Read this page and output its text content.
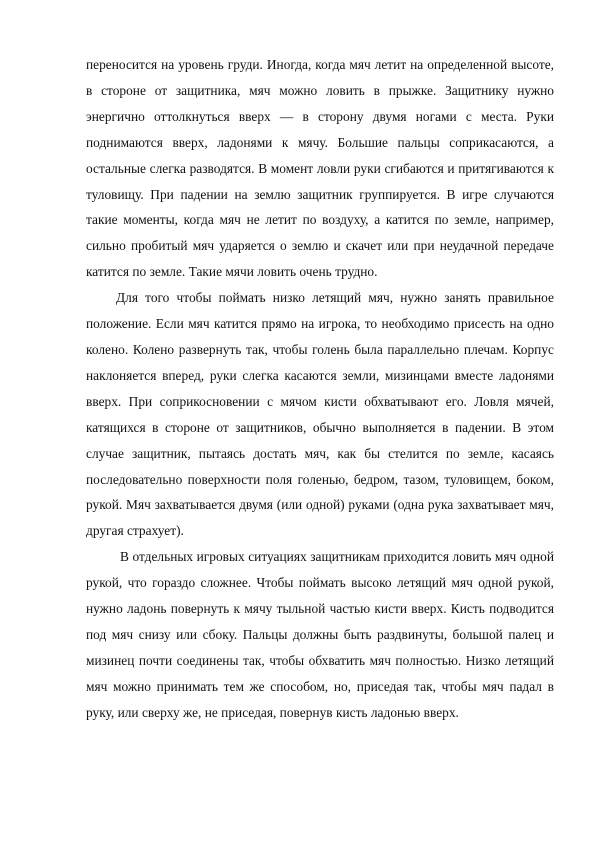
переносится на уровень груди. Иногда, когда мяч летит на определенной высоте, в стороне от защитника, мяч можно ловить в прыжке. Защитнику нужно энергично оттолкнуться вверх — в сторону двумя ногами с места. Руки поднимаются вверх, ладонями к мячу. Большие пальцы соприкасаются, а остальные слегка разводятся. В момент ловли руки сгибаются и притягиваются к туловищу. При падении на землю защитник группируется. В игре случаются такие моменты, когда мяч не летит по воздуху, а катится по земле, например, сильно пробитый мяч ударяется о землю и скачет или при неудачной передаче катится по земле. Такие мячи ловить очень трудно.

Для того чтобы поймать низко летящий мяч, нужно занять правильное положение. Если мяч катится прямо на игрока, то необходимо присесть на одно колено. Колено развернуть так, чтобы голень была параллельно плечам. Корпус наклоняется вперед, руки слегка касаются земли, мизинцами вместе ладонями вверх. При соприкосновении с мячом кисти обхватывают его. Ловля мячей, катящихся в стороне от защитников, обычно выполняется в падении. В этом случае защитник, пытаясь достать мяч, как бы стелится по земле, касаясь последовательно поверхности поля голенью, бедром, тазом, туловищем, боком, рукой. Мяч захватывается двумя (или одной) руками (одна рука захватывает мяч, другая страхует).

В отдельных игровых ситуациях защитникам приходится ловить мяч одной рукой, что гораздо сложнее. Чтобы поймать высоко летящий мяч одной рукой, нужно ладонь повернуть к мячу тыльной частью кисти вверх. Кисть подводится под мяч снизу или сбоку. Пальцы должны быть раздвинуты, большой палец и мизинец почти соединены так, чтобы обхватить мяч полностью. Низко летящий мяч можно принимать тем же способом, но, приседая так, чтобы мяч падал в руку, или сверху же, не приседая, повернув кисть ладонью вверх.
